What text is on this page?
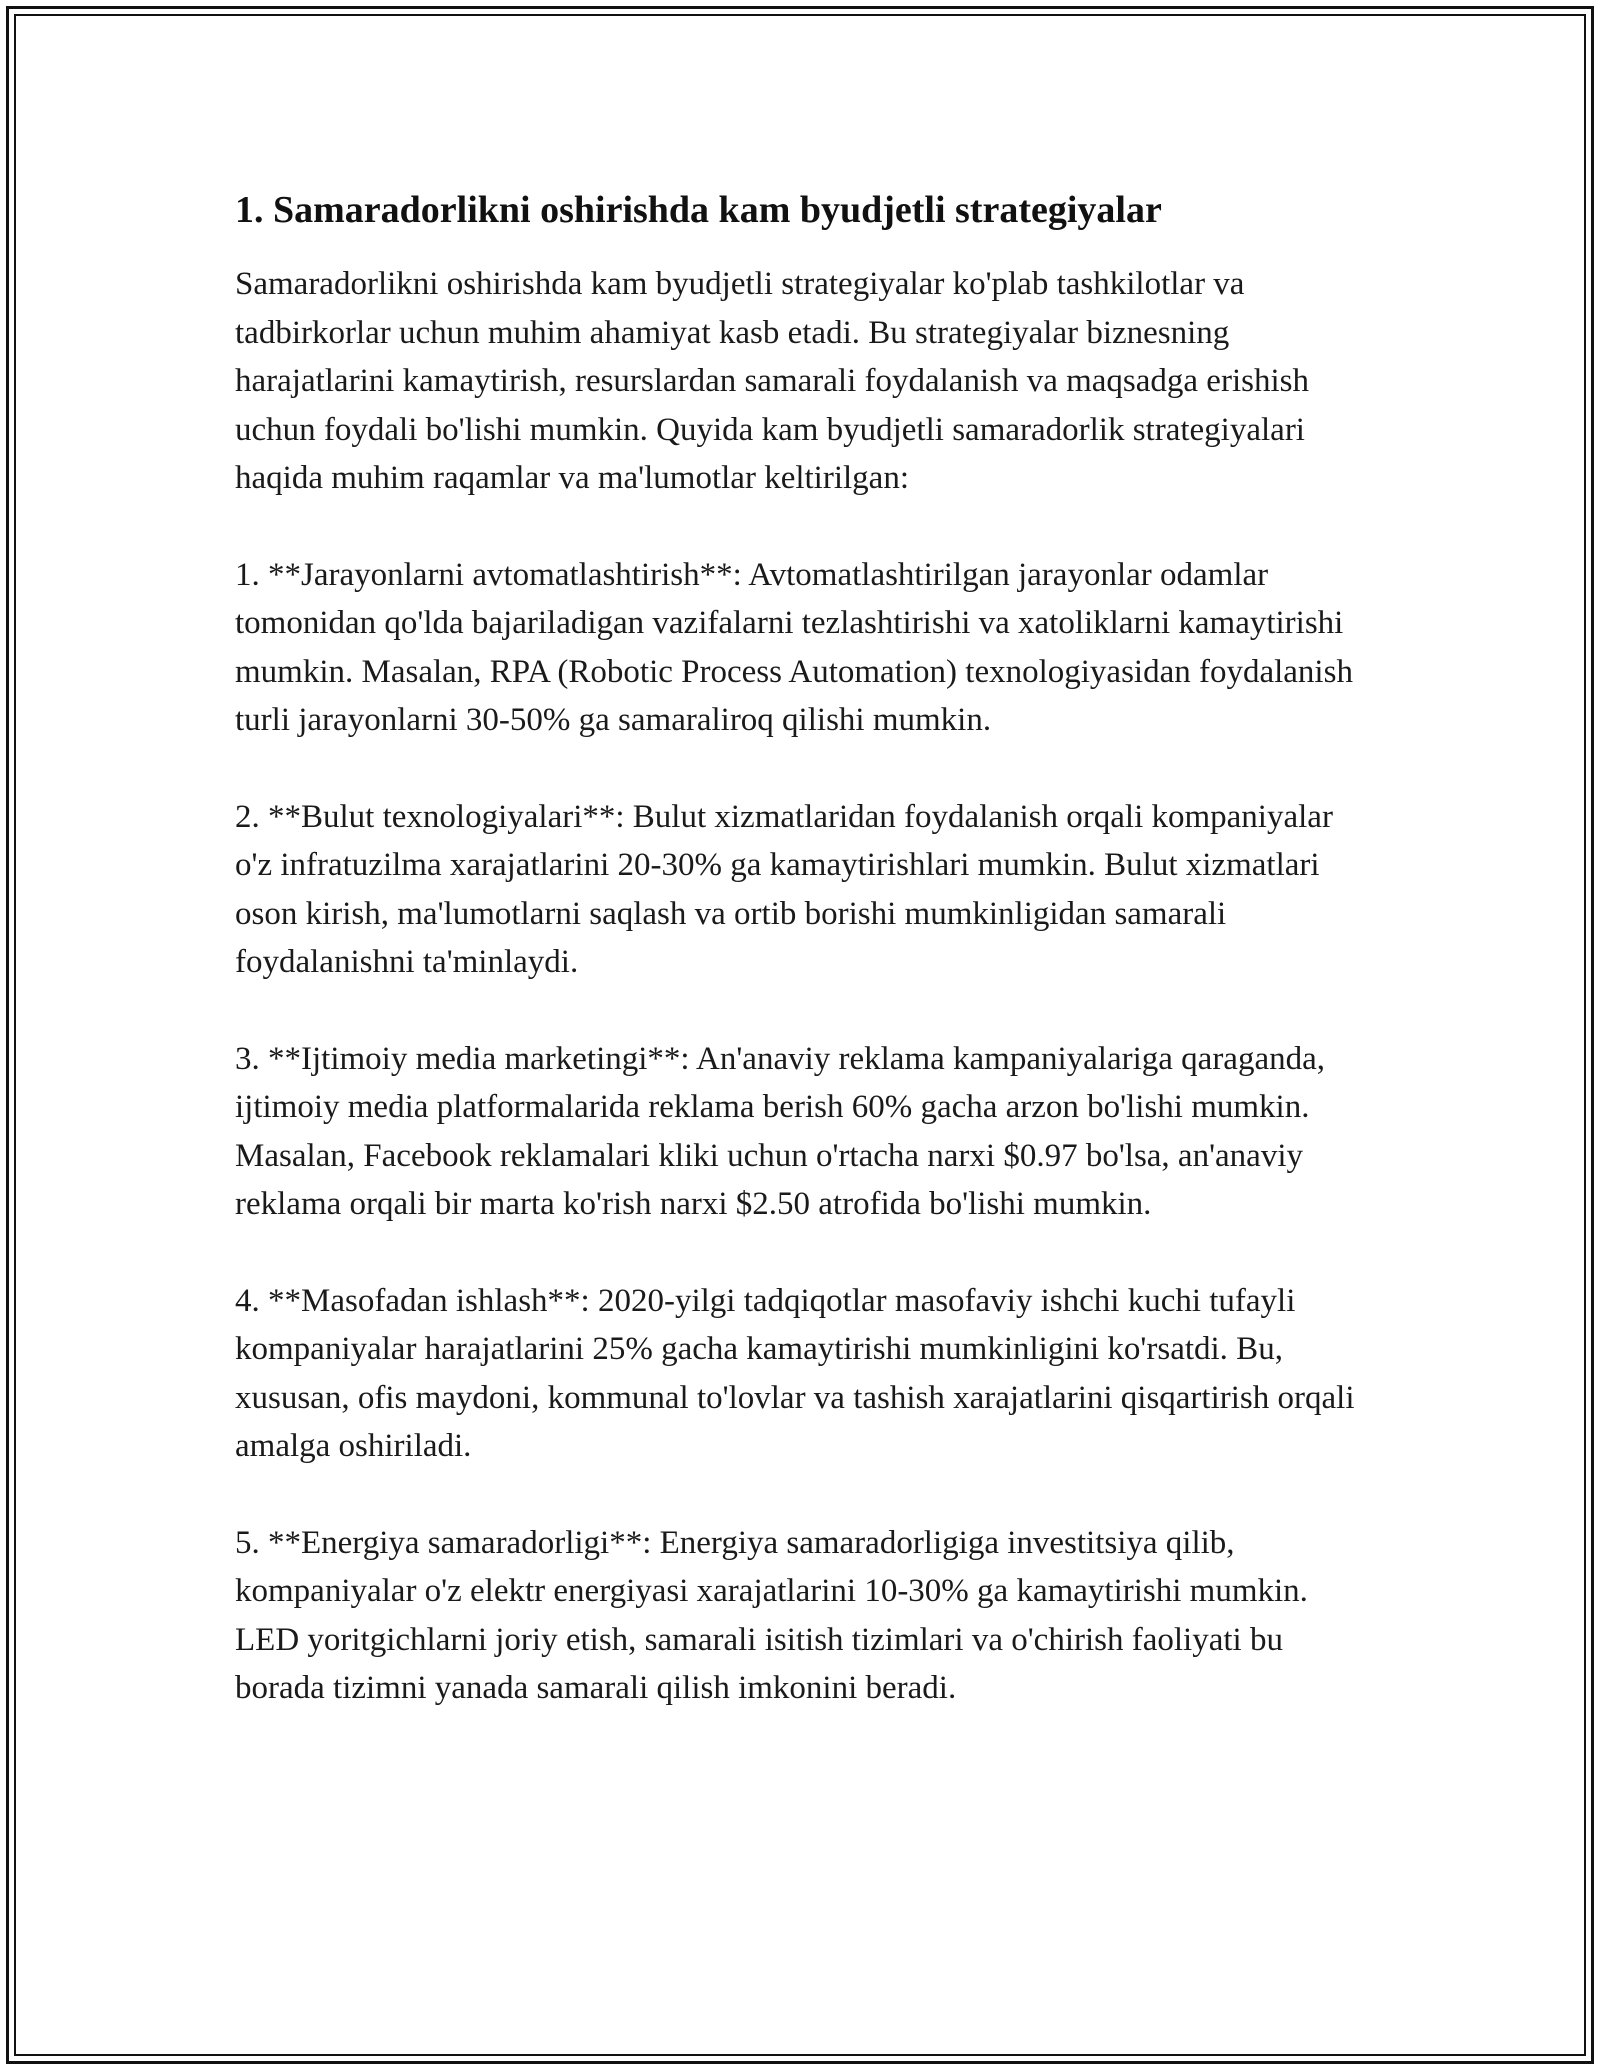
1. Samaradorlikni oshirishda kam byudjetli strategiyalar

Samaradorlikni oshirishda kam byudjetli strategiyalar ko'plab tashkilotlar va tadbirkorlar uchun muhim ahamiyat kasb etadi. Bu strategiyalar biznesning harajatlarini kamaytirish, resurslardan samarali foydalanish va maqsadga erishish uchun foydali bo'lishi mumkin. Quyida kam byudjetli samaradorlik strategiyalari haqida muhim raqamlar va ma'lumotlar keltirilgan:

1. **Jarayonlarni avtomatlashtirish**: Avtomatlashtirilgan jarayonlar odamlar tomonidan qo'lda bajariladigan vazifalarni tezlashtirishi va xatoliklarni kamaytirishi mumkin. Masalan, RPA (Robotic Process Automation) texnologiyasidan foydalanish turli jarayonlarni 30-50% ga samaraliroq qilishi mumkin.

2. **Bulut texnologiyalari**: Bulut xizmatlaridan foydalanish orqali kompaniyalar o'z infratuzilma xarajatlarini 20-30% ga kamaytirishlari mumkin. Bulut xizmatlari oson kirish, ma'lumotlarni saqlash va ortib borishi mumkinligidan samarali foydalanishni ta'minlaydi.

3. **Ijtimoiy media marketingi**: An'anaviy reklama kampaniyalariga qaraganda, ijtimoiy media platformalarida reklama berish 60% gacha arzon bo'lishi mumkin. Masalan, Facebook reklamalari kliki uchun o'rtacha narxi $0.97 bo'lsa, an'anaviy reklama orqali bir marta ko'rish narxi $2.50 atrofida bo'lishi mumkin.

4. **Masofadan ishlash**: 2020-yilgi tadqiqotlar masofaviy ishchi kuchi tufayli kompaniyalar harajatlarini 25% gacha kamaytirishi mumkinligini ko'rsatdi. Bu, xususan, ofis maydoni, kommunal to'lovlar va tashish xarajatlarini qisqartirish orqali amalga oshiriladi.

5. **Energiya samaradorligi**: Energiya samaradorligiga investitsiya qilib, kompaniyalar o'z elektr energiyasi xarajatlarini 10-30% ga kamaytirishi mumkin. LED yoritgichlarni joriy etish, samarali isitish tizimlari va o'chirish faoliyati bu borada tizimni yanada samarali qilish imkonini beradi.
